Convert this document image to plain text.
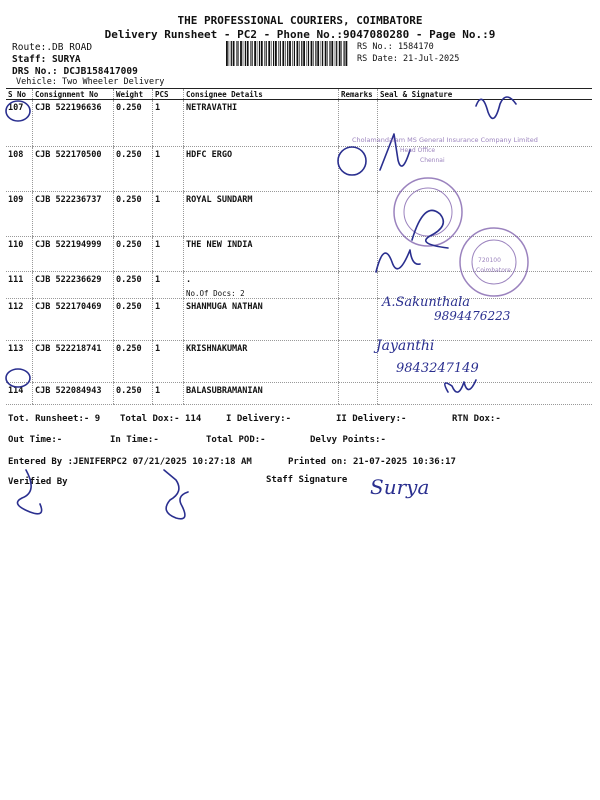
THE PROFESSIONAL COURIERS, COIMBATORE
Delivery Runsheet - PC2 - Phone No.:9047080280 - Page No.:9
Route:.DB ROAD
Staff: SURYA
DRS No.: DCJB158417009
Vehicle: Two Wheeler Delivery
RS No.: 1584170
RS Date: 21-Jul-2025
S No	Consignment No	Weight	PCS	Consignee Details	Remarks	Seal & Signature
107	CJB 522196636	0.250	1	NETRAVATHI		
108	CJB 522170500	0.250	1	HDFC ERGO		
109	CJB 522236737	0.250	1	ROYAL SUNDARM		
110	CJB 522194999	0.250	1	THE NEW INDIA		
111	CJB 522236629	0.250	1	.
No.Of Docs: 2		

112	CJB 522170469	0.250	1	SHANMUGA NATHAN		
113	CJB 522218741	0.250	1	KRISHNAKUMAR		
114	CJB 522084943	0.250	1	BALASUBRAMANIAN		
Tot. Runsheet:- 9 Total Dox:- 114	I Delivery:-	II Delivery:-	RTN Dox:-
Out Time:-	In Time:-	Total POD:-	Delvy Points:-
Entered By :JENIFERPC2 07/21/2025 10:27:18 AM	Printed on: 21-07-2025 10:36:17
Verified By	Staff Signature
Cholamandalam MS General Insurance Company Limited
Head Office
Chennai
720100
Coimbatore
A.Sakunthala
9894476223
Jayanthi
9843247149
Surya
